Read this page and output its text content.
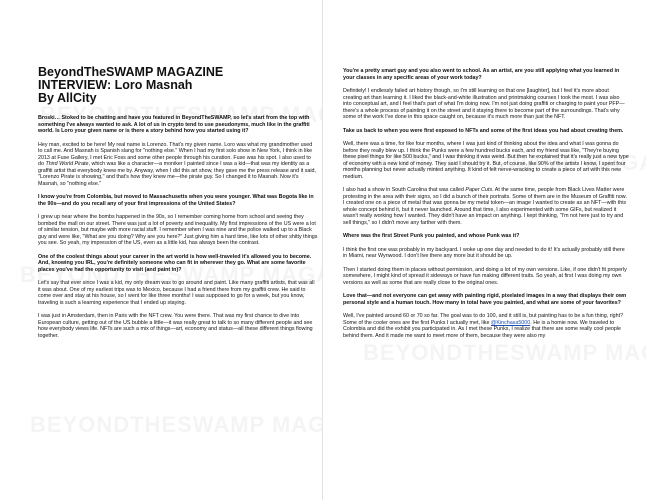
BeyondTheSWAMP MAGAZINE
INTERVIEW: Loro Masnah
By AllCity

Broski… Stoked to be chatting and have you featured in BeyondTheSWAMP, so let's start from the top with something I've always wanted to ask. A lot of us in crypto tend to use pseudonyms, much like in the graffiti world. Is Loro your given name or is there a story behind how you started using it?

Hey man, excited to be here! My real name is Lorenzo. That's my given name. Loro was what my grandmother used to call me. And Masnah is Spanish slang for "nothing else." When I had my first solo show in New York, I think in like 2013 at Fuse Gallery, I met Eric Foss and some other people through his curation. Fuse was his spot. I also used to do Third World Pirate, which was like a character—a moniker I painted since I was a kid—that was my identity as a graffiti artist that everybody knew me by. Anyway, when I did this art show, they gave me the press release and it said, "Lorenzo Pirate is showing," and that's how they knew me—the pirate guy. So I changed it to Masnah. Now it's Masnah, so "nothing else."

I know you're from Colombia, but moved to Massachusetts when you were younger. What was Bogota like in the 90s—and do you recall any of your first impressions of the United States?

I grew up near where the bombs happened in the 90s, so I remember coming home from school and seeing they bombed the mall on our street. There was just a lot of poverty and inequality. My first impressions of the US were a lot of similar tension, but maybe with more racial stuff. I remember when I was nine and the police walked up to a Black guy and were like, "What are you doing? Why are you here?" Just giving him a hard time, like lots of other shitty things you see. So yeah, my impression of the US, even as a little kid, has always been the contrast.

One of the coolest things about your career in the art world is how well-traveled it's allowed you to become. And, knowing you IRL, you're definitely someone who can fit in wherever they go. What are some favorite places you've had the opportunity to visit (and paint in)?

Let's say that ever since I was a kid, my only dream was to go around and paint. Like many graffiti artists, that was all it was about. One of my earliest trips was to Mexico, because I had a friend there from my graffiti crew. He said to come over and stay at his house, so I went for like three months! I was supposed to go for a week, but you know, traveling is such a learning experience that I ended up staying.

I was just in Amsterdam, then in Paris with the NFT crew. You were there. That was my first chance to dive into European culture, getting out of the US bubble a little—it was really great to talk to so many different people and see how everybody views life. NFTs are such a mix of things—art, economy and status—all these different things flowing together.

You're a pretty smart guy and you also went to school. As an artist, are you still applying what you learned in your classes in any specific areas of your work today?

Definitely! I endlessly failed art history though, so I'm still learning on that one [laughter], but I feel it's more about creating art than learning it. I liked the black-and-white illustration and printmaking courses I took the most. I was also into conceptual art, and I feel that's part of what I'm doing now. I'm not just doing graffiti or charging to paint your PFP—there's a whole process of painting it on the street and it staying there to become part of the surroundings. That's why some of the work I've done in this space caught on, because it's much more than just the NFT.

Take us back to when you were first exposed to NFTs and some of the first ideas you had about creating them.

Well, there was a time, for like four months, where I was just kind of thinking about the idea and what I was gonna do before they really blew up. I think the Punks were a few hundred bucks each, and my friend was like, "They're buying these pixel things for like 500 bucks," and I was thinking it was weird. But then he explained that it's really just a new type of economy with a new kind of money. They said I should try it. But, of course, like 90% of the artists I know, I spent four months planning but never actually minted anything. It kind of felt nerve-wracking to create a piece of art with this new medium.

I also had a show in South Carolina that was called Paper Cuts. At the same time, people from Black Lives Matter were protesting in the area with their signs, so I did a bunch of their portraits. Some of them are in the Museum of Graffiti now. I created one on a piece of metal that was gonna be my metal token—an image I wanted to create as an NFT—with this whole concept behind it, but it never launched. Around that time, I also experimented with some GIFs, but realized it wasn't really working how I wanted. They didn't have an impact on anything. I kept thinking, "I'm not here just to try and sell things," so I didn't move any farther with them.

Where was the first Street Punk you painted, and whose Punk was it?

I think the first one was probably in my backyard. I woke up one day and needed to do it! It's actually probably still there in Miami, near Wynwood. I don't live there any more but it should be up.

Then I started doing them in places without permission, and doing a lot of my own versions. Like, if one didn't fit properly somewhere, I might kind of spread it sideways or have fun making different traits. So yeah, at first I was doing my own versions as well as some that are really close to the original ones.

Love that—and not everyone can get away with painting rigid, pixelated images in a way that displays their own personal style and a human touch. How many in total have you painted, and what are some of your favorites?

Well, I've painted around 60 or 70 so far. The goal was to do 100, and it still is, but painting has to be a fun thing, right? Some of the cooler ones are the first Punks I actually met, like @Kinchasa5000. He is a homie now. We traveled to Colombia and did the exhibit you participated in. As I met these Punks, I realize that there are some really cool people behind them. And it made me want to meet more of them, because they were also my
